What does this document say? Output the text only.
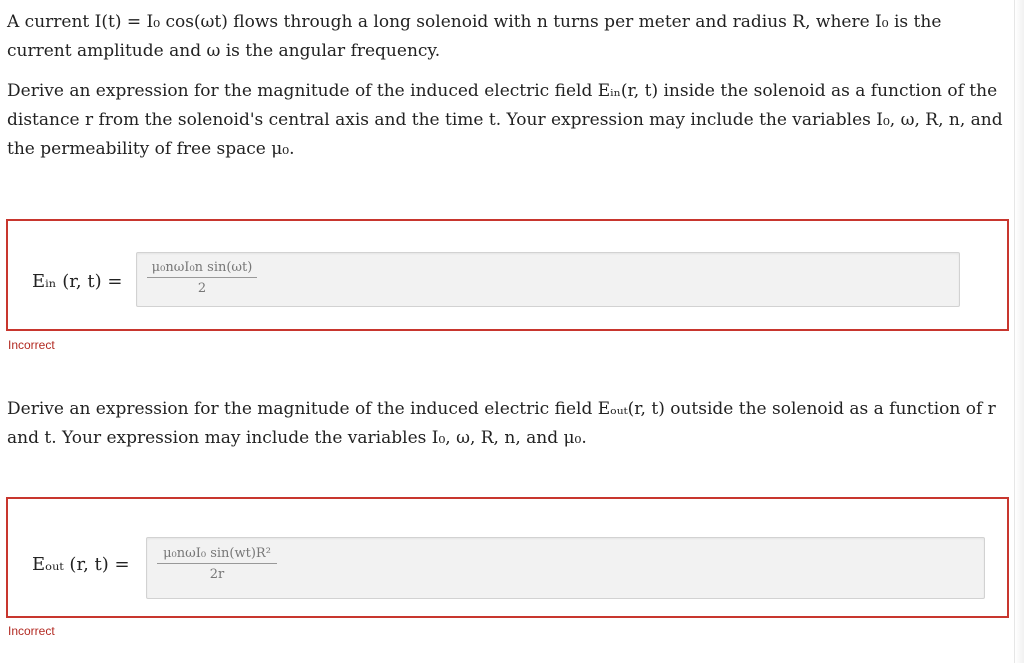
A current I(t) = I₀ cos(ωt) flows through a long solenoid with n turns per meter and radius R, where I₀ is the current amplitude and ω is the angular frequency.

Derive an expression for the magnitude of the induced electric field Eᵢₙ(r, t) inside the solenoid as a function of the distance r from the solenoid's central axis and the time t. Your expression may include the variables I₀, ω, R, n, and the permeability of free space μ₀.

Eᵢₙ (r, t) =
μ₀nωI₀n sin(ωt)
2
Incorrect

Derive an expression for the magnitude of the induced electric field Eₒᵤₜ(r, t) outside the solenoid as a function of r and t. Your expression may include the variables I₀, ω, R, n, and μ₀.

Eₒᵤₜ (r, t) =
μ₀nωI₀ sin(wt)R²
2r
Incorrect
